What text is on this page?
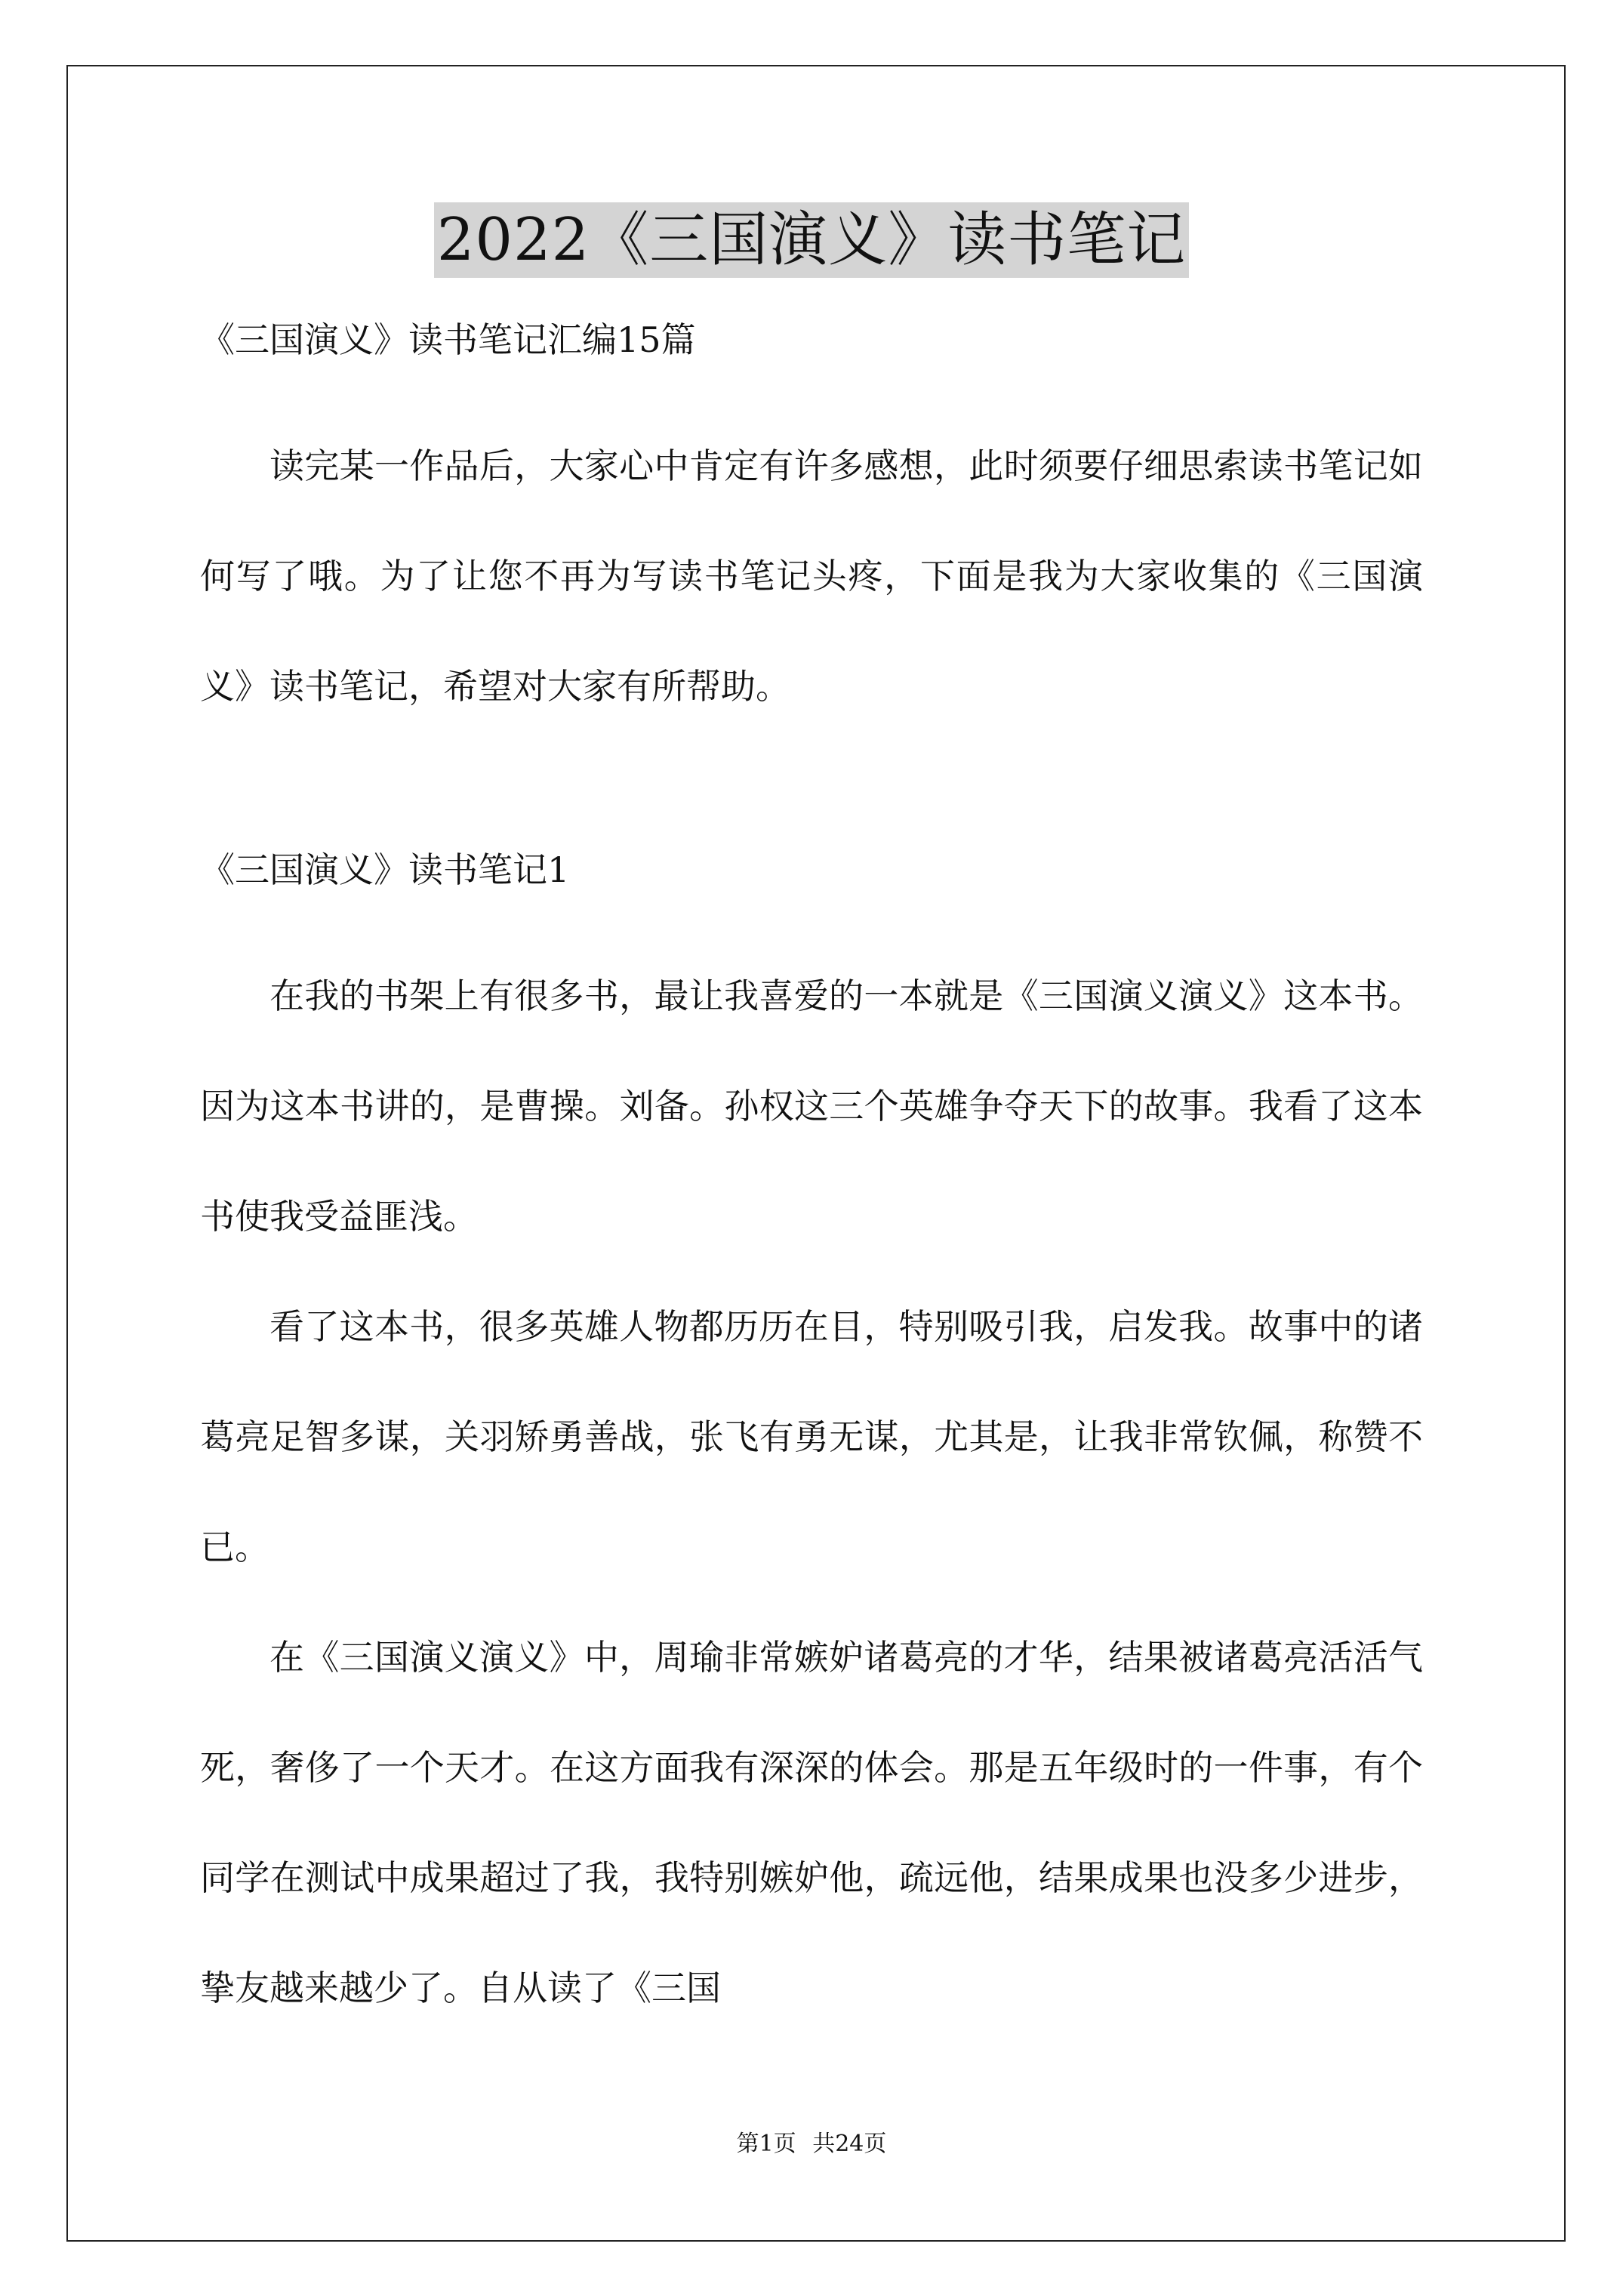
2022《三国演义》读书笔记
《三国演义》读书笔记汇编15篇

读完某一作品后，大家心中肯定有许多感想，此时须要仔细思索读书笔记如何写了哦。为了让您不再为写读书笔记头疼，下面是我为大家收集的《三国演义》读书笔记，希望对大家有所帮助。

《三国演义》读书笔记1

在我的书架上有很多书，最让我喜爱的一本就是《三国演义演义》这本书。因为这本书讲的，是曹操。刘备。孙权这三个英雄争夺天下的故事。我看了这本书使我受益匪浅。

看了这本书，很多英雄人物都历历在目，特别吸引我，启发我。故事中的诸葛亮足智多谋，关羽矫勇善战，张飞有勇无谋，尤其是，让我非常钦佩，称赞不已。

在《三国演义演义》中，周瑜非常嫉妒诸葛亮的才华，结果被诸葛亮活活气死，奢侈了一个天才。在这方面我有深深的体会。那是五年级时的一件事，有个同学在测试中成果超过了我，我特别嫉妒他，疏远他，结果成果也没多少进步，挚友越来越少了。自从读了《三国

第1页 共24页
